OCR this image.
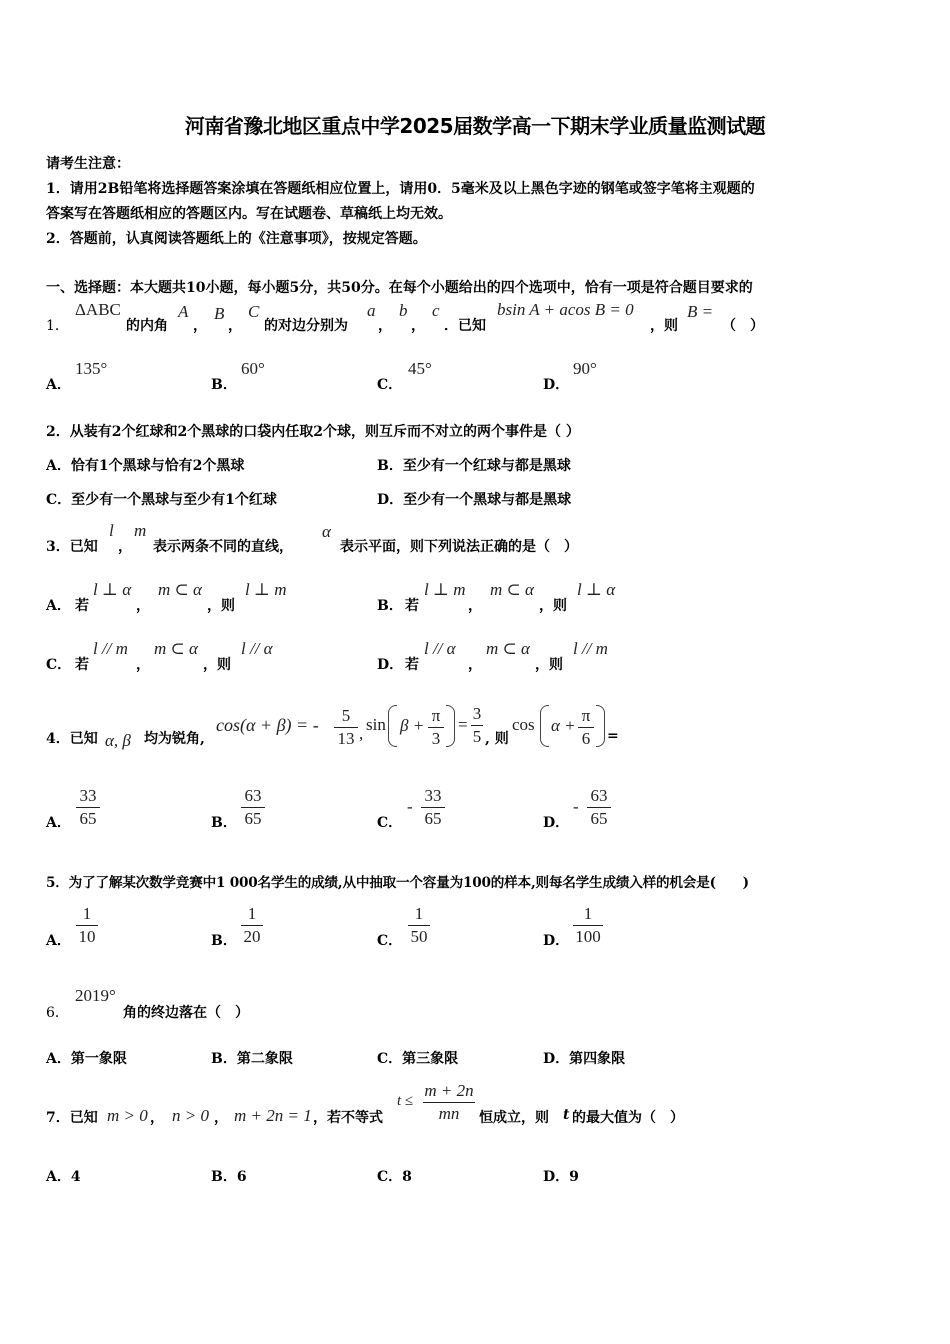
河南省豫北地区重点中学2025届数学高一下期末学业质量监测试题
请考生注意：
1．请用2B铅笔将选择题答案涂填在答题纸相应位置上，请用0．5毫米及以上黑色字迹的钢笔或签字笔将主观题的
答案写在答题纸相应的答题区内。写在试题卷、草稿纸上均无效。
2．答题前，认真阅读答题纸上的《注意事项》，按规定答题。
一、选择题：本大题共10小题，每小题5分，共50分。在每个小题给出的四个选项中，恰有一项是符合题目要求的
1．
ΔABC
的内角
A
，
B
，
C
的对边分别为
a
，
b
，
c
．已知
bsin A + acos B = 0
，则
B =
（　）
A．
135°
B．
60°
C．
45°
D．
90°
2．从装有2个红球和2个黑球的口袋内任取2个球，则互斥而不对立的两个事件是（ ）
A．恰有1个黑球与恰有2个黑球	B．至少有一个红球与都是黑球
C．至少有一个黑球与至少有1个红球	D．至少有一个黑球与都是黑球
3．已知
l
，
m
表示两条不同的直线，
α
表示平面，则下列说法正确的是（　）
A． 若
l ⊥ α
，
m ⊂ α
，则
l ⊥ m
B． 若
l ⊥ m
，
m ⊂ α
，则
l ⊥ α
C． 若
l // m
，
m ⊂ α
，则
l // α
D． 若
l // α
，
m ⊂ α
，则
l // m
4．已知 α, β 均为锐角,
cos(α + β) = -	5
13 , sin β +
π
3
=
3
5 , 则
cos α +
π
6 =
A．
33
65	B．
63
65	C．
-
33
65	D．
-
63
65
5．为了了解某次数学竞赛中1 000名学生的成绩,从中抽取一个容量为100的样本,则每名学生成绩入样的机会是(　　)
A．
1
10	B．
1
20	C．
1
50	D．
1
100
6．
2019°
角的终边落在（　）
A．第一象限	B．第二象限	C．第三象限	D．第四象限
7．已知 m > 0 ， n > 0 ， m + 2n = 1 ，若不等式
t ≤
m + 2n
mn	恒成立，则 t 的最大值为（　）
A．4	B．6	C．8	D．9
